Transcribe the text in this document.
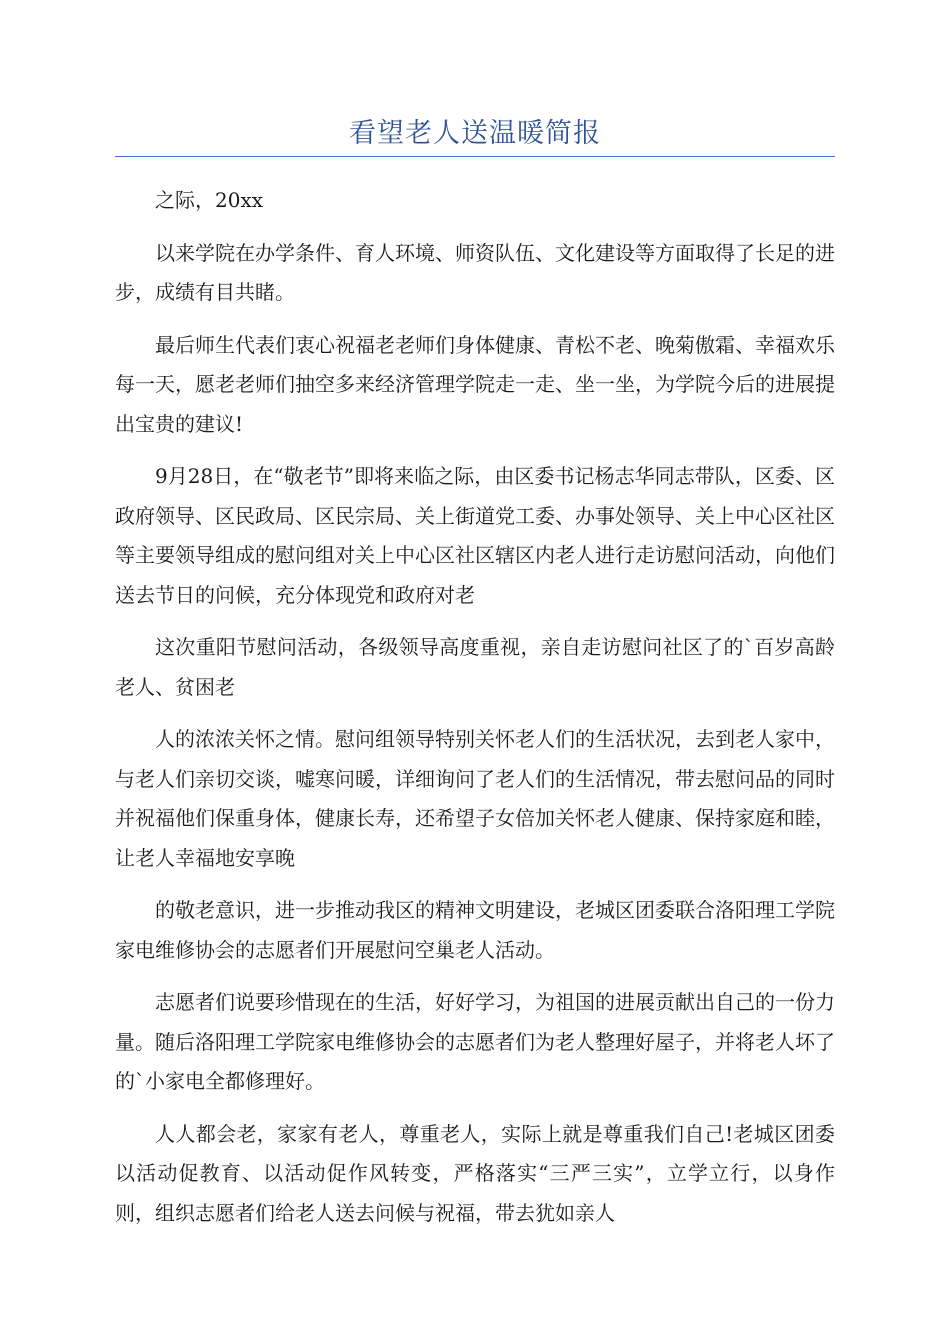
看望老人送温暖简报

之际，20xx

以来学院在办学条件、育人环境、师资队伍、文化建设等方面取得了长足的进步，成绩有目共睹。

最后师生代表们衷心祝福老老师们身体健康、青松不老、晚菊傲霜、幸福欢乐每一天，愿老老师们抽空多来经济管理学院走一走、坐一坐，为学院今后的进展提出宝贵的建议!

9月28日，在“敬老节”即将来临之际，由区委书记杨志华同志带队，区委、区政府领导、区民政局、区民宗局、关上街道党工委、办事处领导、关上中心区社区等主要领导组成的慰问组对关上中心区社区辖区内老人进行走访慰问活动，向他们送去节日的问候，充分体现党和政府对老

这次重阳节慰问活动，各级领导高度重视，亲自走访慰问社区了的`百岁高龄老人、贫困老

人的浓浓关怀之情。慰问组领导特别关怀老人们的生活状况，去到老人家中，与老人们亲切交谈，嘘寒问暖，详细询问了老人们的生活情况，带去慰问品的同时并祝福他们保重身体，健康长寿，还希望子女倍加关怀老人健康、保持家庭和睦，让老人幸福地安享晚

的敬老意识，进一步推动我区的精神文明建设，老城区团委联合洛阳理工学院家电维修协会的志愿者们开展慰问空巢老人活动。

志愿者们说要珍惜现在的生活，好好学习，为祖国的进展贡献出自己的一份力量。随后洛阳理工学院家电维修协会的志愿者们为老人整理好屋子，并将老人坏了的`小家电全都修理好。

人人都会老，家家有老人，尊重老人，实际上就是尊重我们自己!老城区团委以活动促教育、以活动促作风转变，严格落实“三严三实”，立学立行，以身作则，组织志愿者们给老人送去问候与祝福，带去犹如亲人
